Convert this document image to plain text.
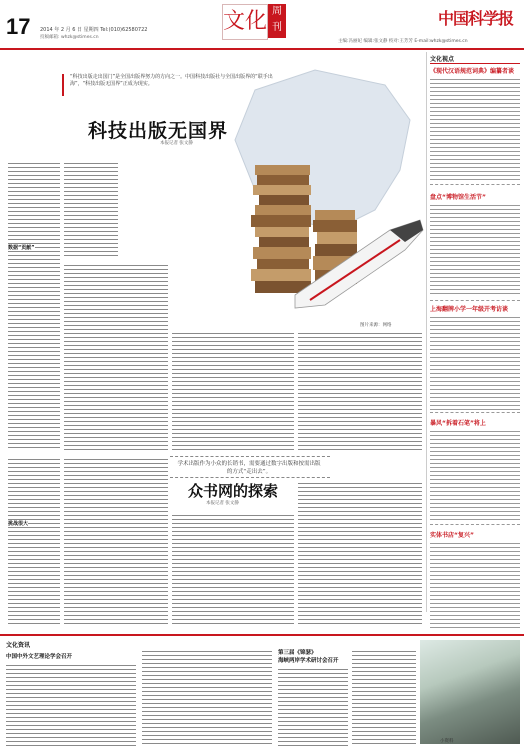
17 2014 年 2 月 6 日 星期四 Tel:(010)62580722
投稿邮箱: whzk@stimes.cn
文化 周刊	中国科学报
主编:冯丽妃 编辑:张文静 校对:王芳芳 E-mail:whzk@stimes.cn
“科技出版走出国门”是全国出版界努力的方向之一。中国科技出版社与全国出版界的“联手出海”，“科技出版无国界”正成为现实。
科技出版无国界
本报记者 张文静
图片来源：网络
数据“贡献”
挑战很大
学术出版作为小众的长销书，需要通过数字出版和按需出版的方式“走出去”。
众书网的探索
本报记者 张文静
文化视点
《现代汉语规范词典》编纂者谈
盘点“博物馆生活节”
上海翻牌小学一年级开考访谈
暴风“拆着石笔”将上
实体书店“复兴”
文化资讯
中国中外文艺理论学会召开
第三届《锦瑟》
海峡两岸学术研讨会召开
小资料
